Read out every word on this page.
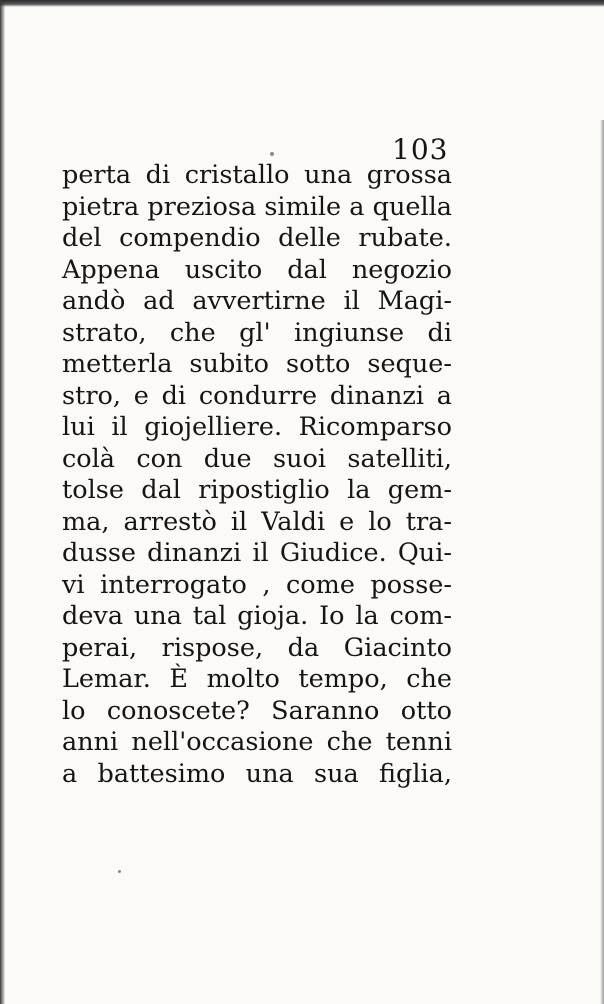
103
perta di cristallo una grossa
pietra preziosa simile a quella
del compendio delle rubate.
Appena uscito dal negozio
andò ad avvertirne il Magi-
strato, che gl' ingiunse di
metterla subito sotto seque-
stro, e di condurre dinanzi a
lui il giojelliere. Ricomparso
colà con due suoi satelliti,
tolse dal ripostiglio la gem-
ma, arrestò il Valdi e lo tra-
dusse dinanzi il Giudice. Qui-
vi interrogato , come posse-
deva una tal gioja. Io la com-
perai, rispose, da Giacinto
Lemar. È molto tempo, che
lo conoscete? Saranno otto
anni nell'occasione che tenni
a battesimo una sua figlia,
